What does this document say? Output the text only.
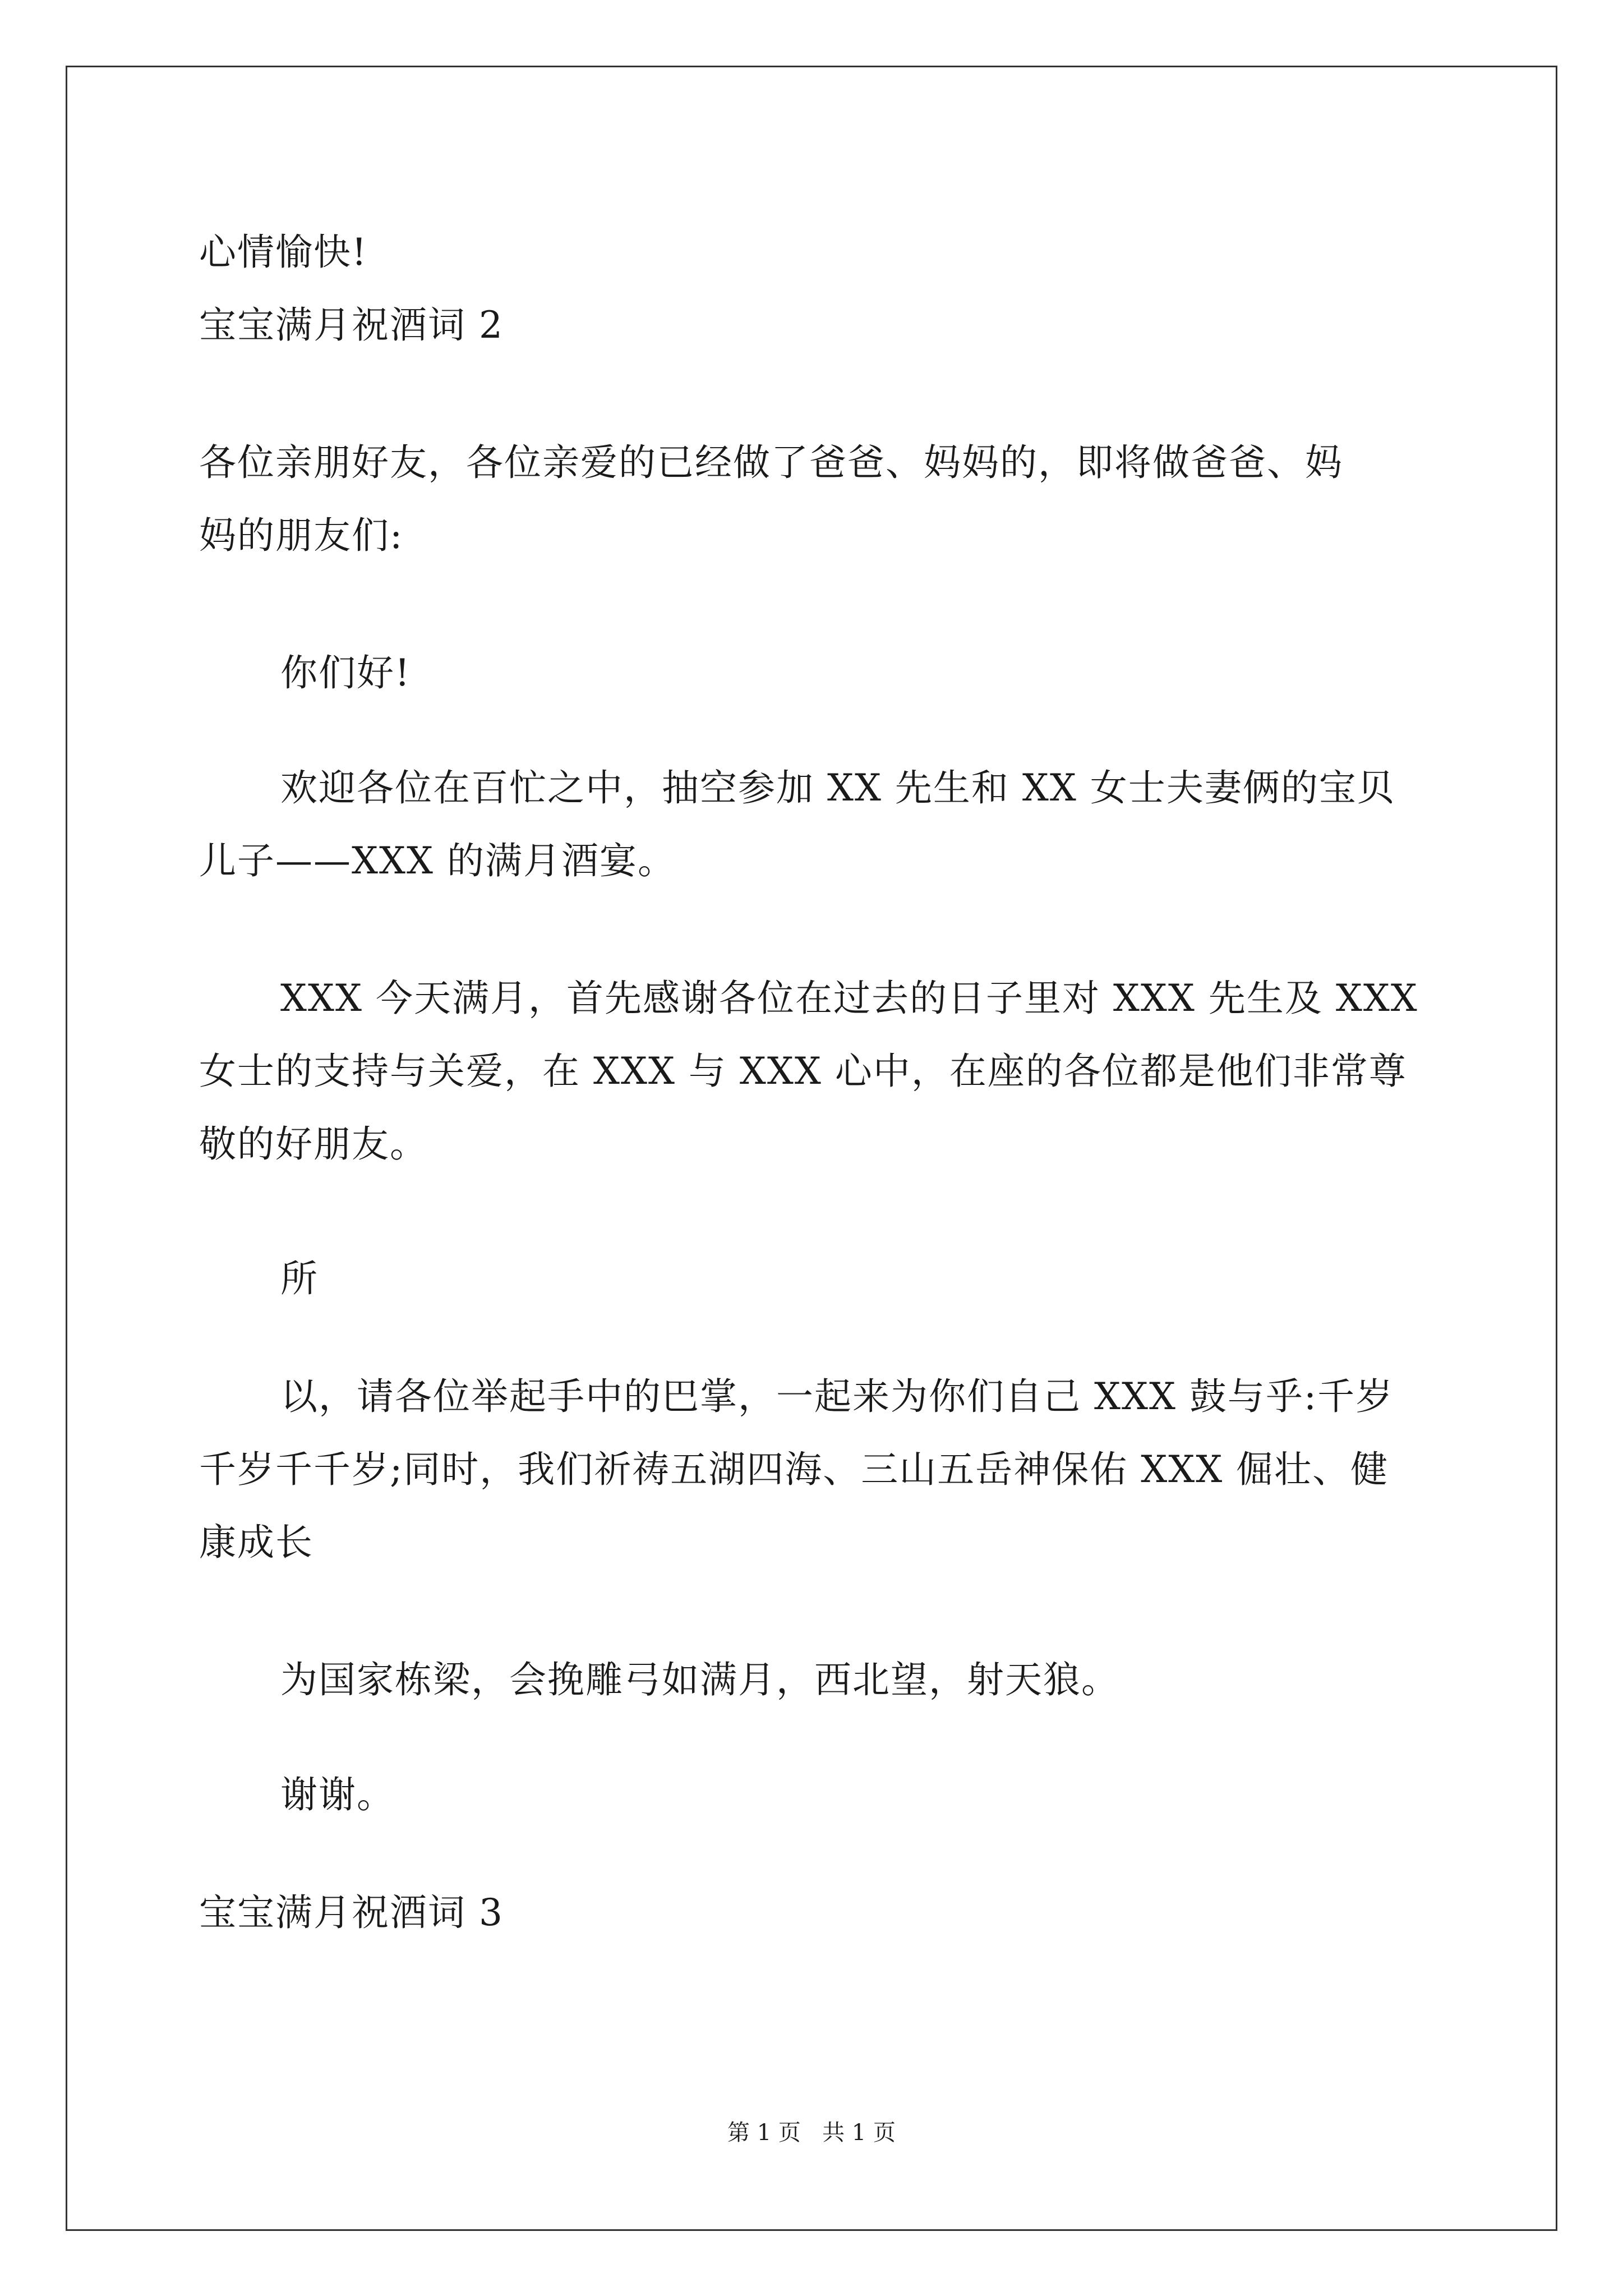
心情愉快!
宝宝满月祝酒词 2
各位亲朋好友，各位亲爱的已经做了爸爸、妈妈的，即将做爸爸、妈
妈的朋友们:
你们好!
欢迎各位在百忙之中，抽空参加 XX 先生和 XX 女士夫妻俩的宝贝
儿子——XXX 的满月酒宴。
XXX 今天满月，首先感谢各位在过去的日子里对 XXX 先生及 XXX
女士的支持与关爱，在 XXX 与 XXX 心中，在座的各位都是他们非常尊
敬的好朋友。
所
以，请各位举起手中的巴掌，一起来为你们自己 XXX 鼓与乎:千岁
千岁千千岁;同时，我们祈祷五湖四海、三山五岳神保佑 XXX 倔壮、健
康成长
为国家栋梁，会挽雕弓如满月，西北望，射天狼。
谢谢。
宝宝满月祝酒词 3
第 1 页   共 1 页
